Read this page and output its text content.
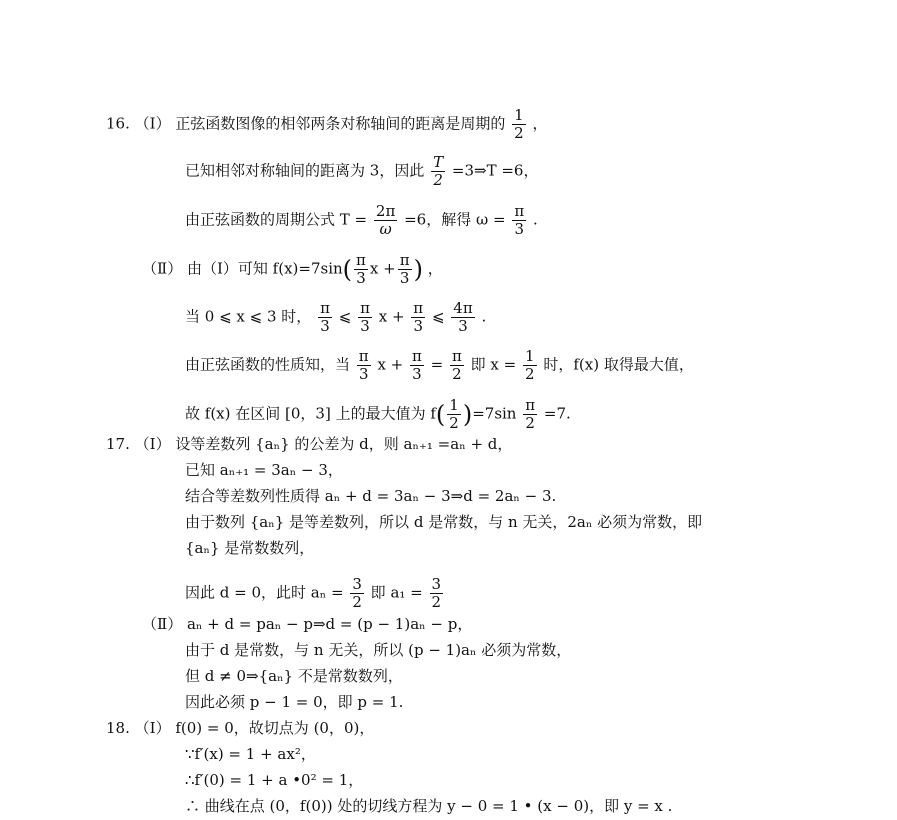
16. （Ⅰ） 正弦函数图像的相邻两条对称轴间的距离是周期的 $\frac{1}{2}$ ，
已知相邻对称轴间的距离为 3，因此 $\frac{T}{2}$ =3⇒T =6，
由正弦函数的周期公式 $T = \frac{2\pi}{\omega} =6$，解得 $\omega = \frac{\pi}{3}$ .
（Ⅱ） 由（Ⅰ）可知 $f(x)=7\sin( \frac{\pi}{3}$ $x + \frac{\pi}{3}$ ) ，
当 0 ⩽ x ⩽ 3 时， $\frac{\pi}{3}$ ⩽ $\frac{\pi}{3}$ $x + \frac{\pi}{3}$ ⩽ $\frac{4\pi}{3}$ .
由正弦函数的性质知，当 $\frac{\pi}{3}$ $x + \frac{\pi}{3} = \frac{\pi}{2}$ 即 $x = \frac{1}{2}$ 时，f(x) 取得最大值，
故 f(x) 在区间 [0，3] 上的最大值为 $f( \frac{1}{2} )=7\sin \frac{\pi}{2} =7$.
17. （Ⅰ） 设等差数列 {aₙ} 的公差为 d，则 aₙ₊₁ =aₙ + d，
已知 aₙ₊₁ = 3aₙ − 3，
结合等差数列性质得 aₙ + d = 3aₙ − 3⇒d = 2aₙ − 3.
由于数列 {aₙ} 是等差数列，所以 d 是常数，与 n 无关，2aₙ 必须为常数，即
{aₙ} 是常数数列，
因此 d = 0，此时 $a_n = \frac{3}{2}$ 即 $a_1 = \frac{3}{2}$
（Ⅱ） aₙ + d = paₙ − p⇒d = (p − 1)aₙ − p，
由于 d 是常数，与 n 无关，所以 (p − 1)aₙ 必须为常数，
但 d ≠ 0⇒{aₙ} 不是常数数列，
因此必须 p − 1 = 0，即 p = 1.
18. （Ⅰ） f(0) = 0，故切点为 (0，0)，
∵f′(x) = 1 + ax²，
∴f′(0) = 1 + a •0² = 1，
∴ 曲线在点 (0，f(0)) 处的切线方程为 y − 0 = 1 • (x − 0)，即 y = x .
